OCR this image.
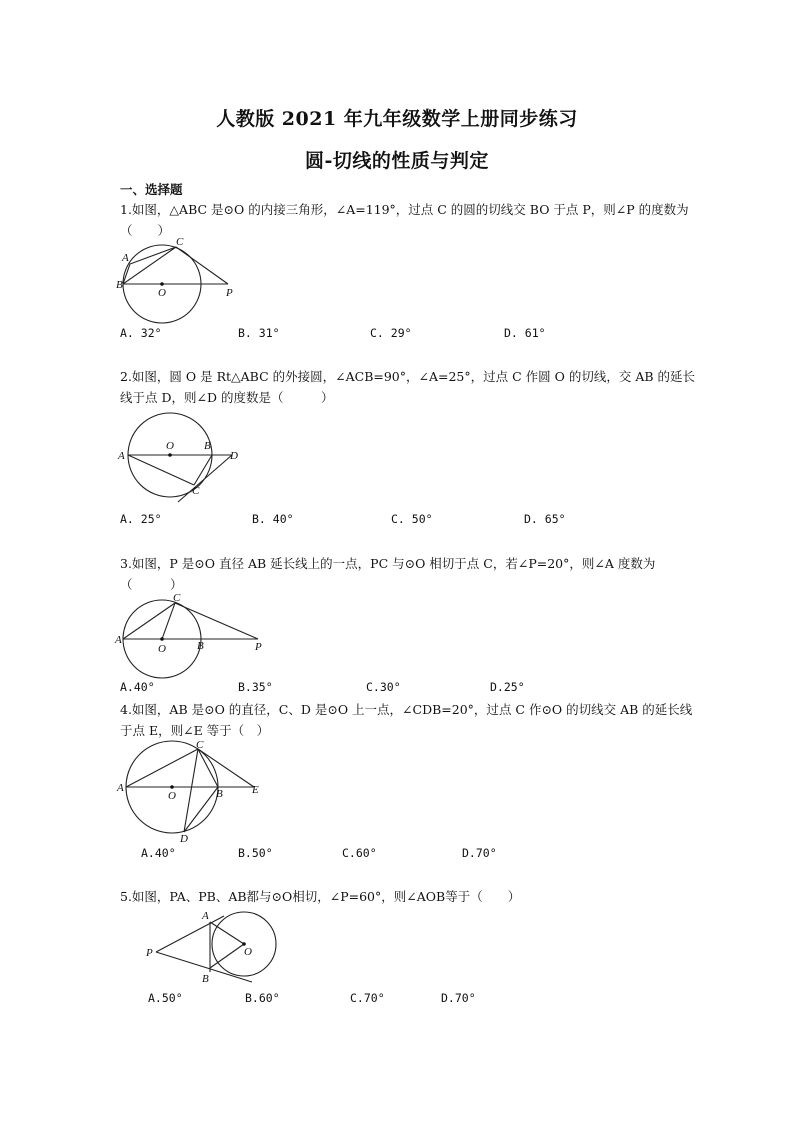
人教版 2021 年九年级数学上册同步练习
圆-切线的性质与判定
一、选择题
1.如图，△ABC 是⊙O 的内接三角形，∠A=119°，过点 C 的圆的切线交 BO 于点 P，则∠P 的度数为（　　）
A
C
B
O	P
A. 32°	B. 31°	C. 29°	D. 61°
2.如图，圆 O 是 Rt△ABC 的外接圆，∠ACB=90°，∠A=25°，过点 C 作圆 O 的切线，交 AB 的延长线于点 D，则∠D 的度数是（　　　）
O
A
B
D
C
A. 25°	B. 40°	C. 50°	D. 65°
3.如图，P 是⊙O 直径 AB 延长线上的一点，PC 与⊙O 相切于点 C，若∠P=20°，则∠A 度数为（　　　）
C
A
O	B	P
A.40°	B.35°	C.30°	D.25°
4.如图，AB 是⊙O 的直径，C、D 是⊙O 上一点，∠CDB=20°，过点 C 作⊙O 的切线交 AB 的延长线于点 E，则∠E 等于（　）
C
A
O	B	E
D
A.40°	B.50°	C.60°	D.70°
5.如图，PA、PB、AB都与⊙O相切，∠P=60°，则∠AOB等于（　　）
A
P	O
B
A.50°	B.60°	C.70°	D.70°
